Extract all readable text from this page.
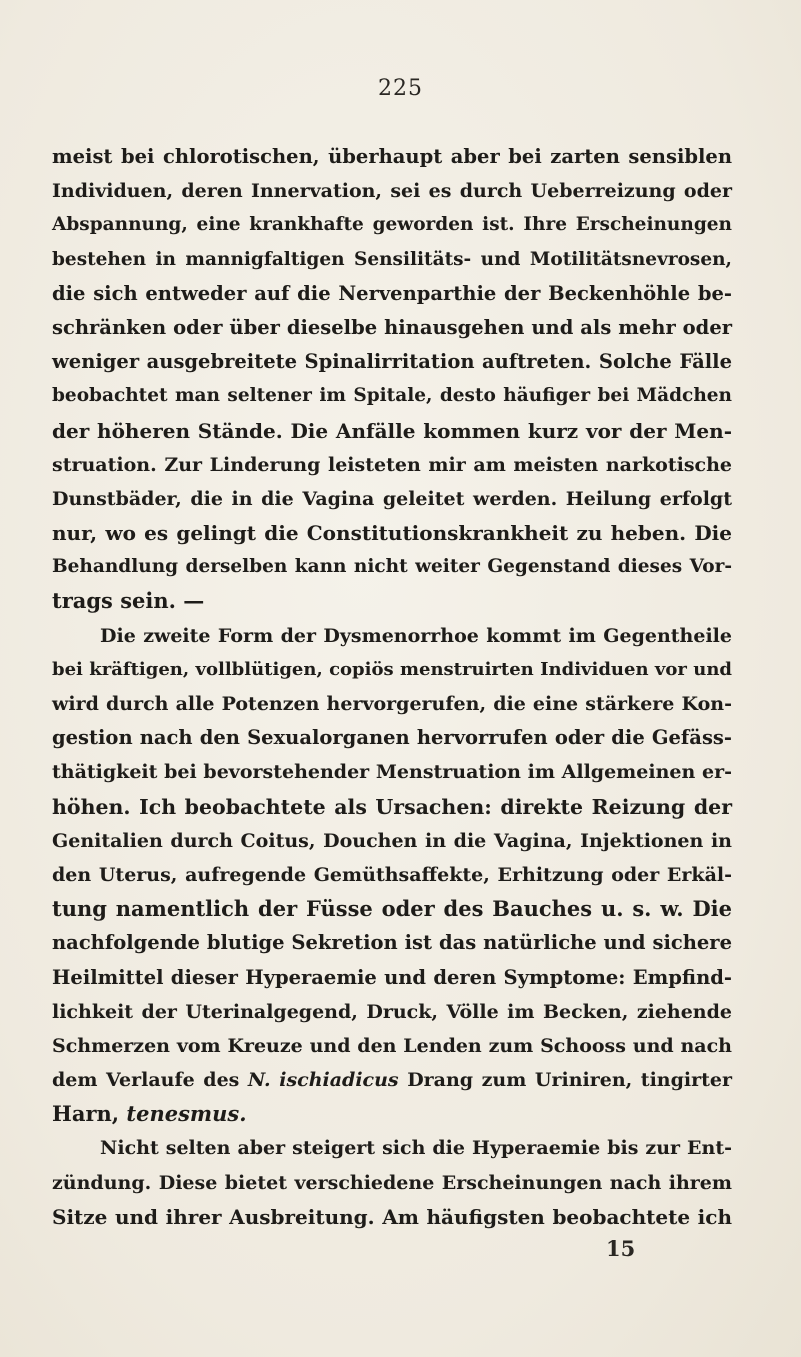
225
meist bei chlorotischen, überhaupt aber bei zarten sensiblen
Individuen, deren Innervation, sei es durch Ueberreizung oder
Abspannung, eine krankhafte geworden ist. Ihre Erscheinungen
bestehen in mannigfaltigen Sensilitäts- und Motilitätsnevrosen,
die sich entweder auf die Nervenparthie der Beckenhöhle be-
schränken oder über dieselbe hinausgehen und als mehr oder
weniger ausgebreitete Spinalirritation auftreten. Solche Fälle
beobachtet man seltener im Spitale, desto häufiger bei Mädchen
der höheren Stände. Die Anfälle kommen kurz vor der Men-
struation. Zur Linderung leisteten mir am meisten narkotische
Dunstbäder, die in die Vagina geleitet werden. Heilung erfolgt
nur, wo es gelingt die Constitutionskrankheit zu heben. Die
Behandlung derselben kann nicht weiter Gegenstand dieses Vor-
trags sein. —
Die zweite Form der Dysmenorrhoe kommt im Gegentheile
bei kräftigen, vollblütigen, copiös menstruirten Individuen vor und
wird durch alle Potenzen hervorgerufen, die eine stärkere Kon-
gestion nach den Sexualorganen hervorrufen oder die Gefäss-
thätigkeit bei bevorstehender Menstruation im Allgemeinen er-
höhen. Ich beobachtete als Ursachen: direkte Reizung der
Genitalien durch Coitus, Douchen in die Vagina, Injektionen in
den Uterus, aufregende Gemüthsaffekte, Erhitzung oder Erkäl-
tung namentlich der Füsse oder des Bauches u. s. w. Die
nachfolgende blutige Sekretion ist das natürliche und sichere
Heilmittel dieser Hyperaemie und deren Symptome: Empfind-
lichkeit der Uterinalgegend, Druck, Völle im Becken, ziehende
Schmerzen vom Kreuze und den Lenden zum Schooss und nach
dem Verlaufe des N. ischiadicus Drang zum Uriniren, tingirter
Harn, tenesmus.
Nicht selten aber steigert sich die Hyperaemie bis zur Ent-
zündung. Diese bietet verschiedene Erscheinungen nach ihrem
Sitze und ihrer Ausbreitung. Am häufigsten beobachtete ich
15
